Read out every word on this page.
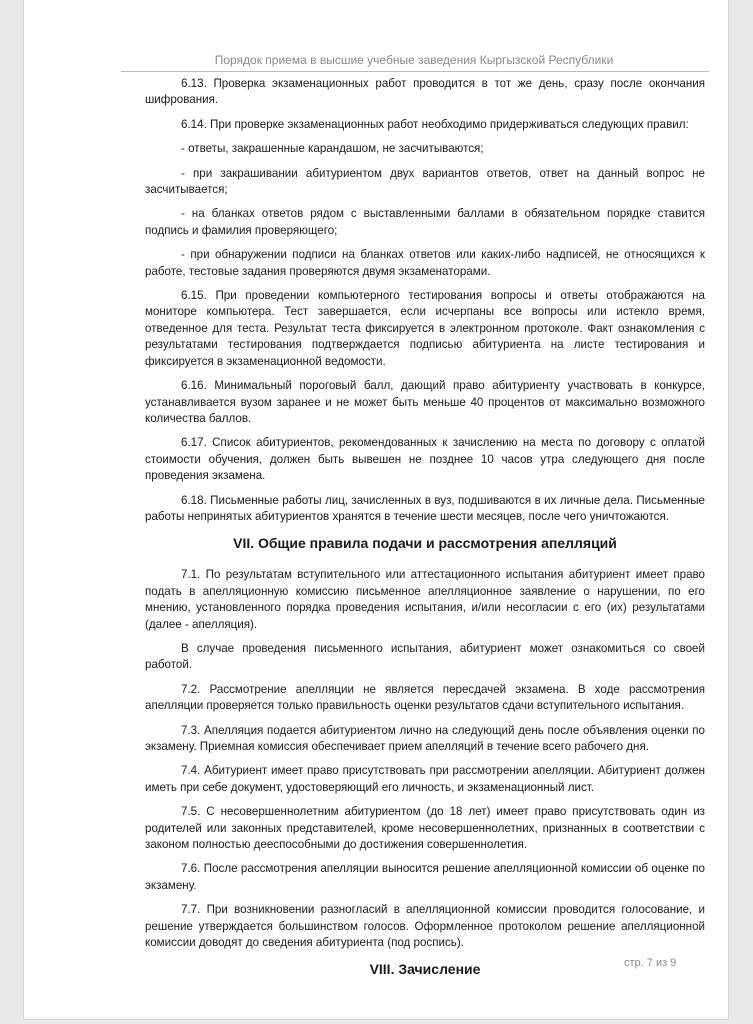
Порядок приема в высшие учебные заведения Кыргызской Республики

6.13. Проверка экзаменационных работ проводится в тот же день, сразу после окончания шифрования.

6.14. При проверке экзаменационных работ необходимо придерживаться следующих правил:

- ответы, закрашенные карандашом, не засчитываются;

- при закрашивании абитуриентом двух вариантов ответов, ответ на данный вопрос не засчитывается;

- на бланках ответов рядом с выставленными баллами в обязательном порядке ставится подпись и фамилия проверяющего;

- при обнаружении подписи на бланках ответов или каких-либо надписей, не относящихся к работе, тестовые задания проверяются двумя экзаменаторами.

6.15. При проведении компьютерного тестирования вопросы и ответы отображаются на мониторе компьютера. Тест завершается, если исчерпаны все вопросы или истекло время, отведенное для теста. Результат теста фиксируется в электронном протоколе. Факт ознакомления с результатами тестирования подтверждается подписью абитуриента на листе тестирования и фиксируется в экзаменационной ведомости.

6.16. Минимальный пороговый балл, дающий право абитуриенту участвовать в конкурсе, устанавливается вузом заранее и не может быть меньше 40 процентов от максимально возможного количества баллов.

6.17. Список абитуриентов, рекомендованных к зачислению на места по договору с оплатой стоимости обучения, должен быть вывешен не позднее 10 часов утра следующего дня после проведения экзамена.

6.18. Письменные работы лиц, зачисленных в вуз, подшиваются в их личные дела. Письменные работы непринятых абитуриентов хранятся в течение шести месяцев, после чего уничтожаются.

VII. Общие правила подачи и рассмотрения апелляций

7.1. По результатам вступительного или аттестационного испытания абитуриент имеет право подать в апелляционную комиссию письменное апелляционное заявление о нарушении, по его мнению, установленного порядка проведения испытания, и/или несогласии с его (их) результатами (далее - апелляция).

В случае проведения письменного испытания, абитуриент может ознакомиться со своей работой.

7.2. Рассмотрение апелляции не является пересдачей экзамена. В ходе рассмотрения апелляции проверяется только правильность оценки результатов сдачи вступительного испытания.

7.3. Апелляция подается абитуриентом лично на следующий день после объявления оценки по экзамену. Приемная комиссия обеспечивает прием апелляций в течение всего рабочего дня.

7.4. Абитуриент имеет право присутствовать при рассмотрении апелляции. Абитуриент должен иметь при себе документ, удостоверяющий его личность, и экзаменационный лист.

7.5. С несовершеннолетним абитуриентом (до 18 лет) имеет право присутствовать один из родителей или законных представителей, кроме несовершеннолетних, признанных в соответствии с законом полностью дееспособными до достижения совершеннолетия.

7.6. После рассмотрения апелляции выносится решение апелляционной комиссии об оценке по экзамену.

7.7. При возникновении разногласий в апелляционной комиссии проводится голосование, и решение утверждается большинством голосов. Оформленное протоколом решение апелляционной комиссии доводят до сведения абитуриента (под роспись).

VIII. Зачисление	стр. 7 из 9
